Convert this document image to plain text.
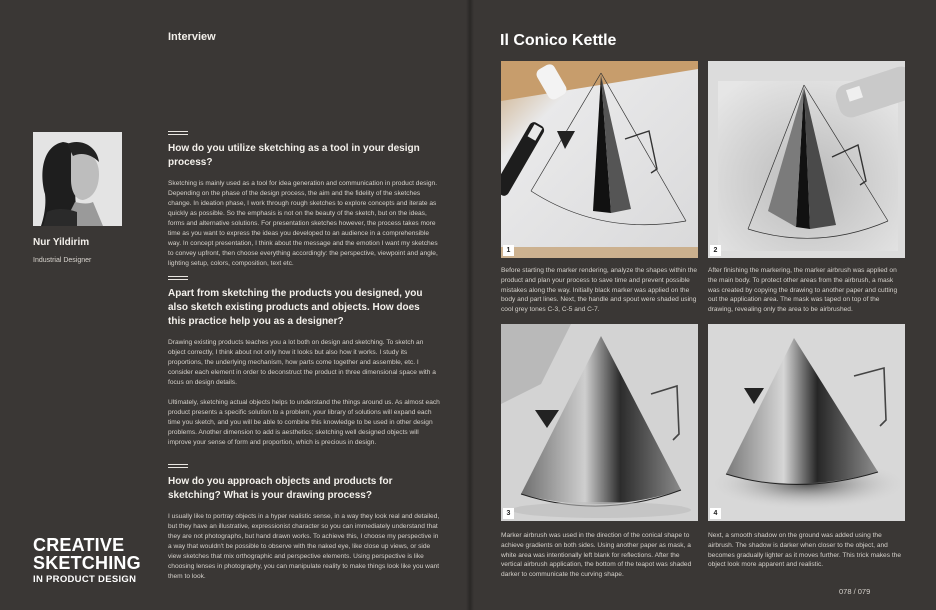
Interview
Nur Yildirim
Industrial Designer
CREATIVE
SKETCHING
IN PRODUCT DESIGN
How do you utilize sketching as a tool in your design process?

Sketching is mainly used as a tool for idea generation and communication in product design. Depending on the phase of the design process, the aim and the fidelity of the sketches change. In ideation phase, I work through rough sketches to explore concepts and iterate as quickly as possible. So the emphasis is not on the beauty of the sketch, but on the ideas, forms and alternative solutions. For presentation sketches however, the process takes more time as you want to express the ideas you developed to an audience in a comprehensible way. In concept presentation, I think about the message and the emotion I want my sketches to convey upfront, then choose everything accordingly: the perspective, viewpoint and angle, lighting setup, colors, composition, text etc.

Apart from sketching the products you designed, you also sketch existing products and objects. How does this practice help you as a designer?

Drawing existing products teaches you a lot both on design and sketching. To sketch an object correctly, I think about not only how it looks but also how it works. I study its proportions, the underlying mechanism, how parts come together and assemble, etc. I consider each element in order to deconstruct the product in three dimensional space with a focus on design details.

Ultimately, sketching actual objects helps to understand the things around us. As almost each product presents a specific solution to a problem, your library of solutions will expand each time you sketch, and you will be able to combine this knowledge to be used in other design problems. Another dimension to add is aesthetics; sketching well designed objects will improve your sense of form and proportion, which is precious in design.

How do you approach objects and products for sketching? What is your drawing process?

I usually like to portray objects in a hyper realistic sense, in a way they look real and detailed, but they have an illustrative, expressionist character so you can immediately understand that they are not photographs, but hand drawn works. To achieve this, I choose my perspective in a way that wouldn't be possible to observe with the naked eye, like close up views, or side view sketches that mix orthographic and perspective elements. Using perspective is like choosing lenses in photography, you can manipulate reality to make things look like you want them to look.

Il Conico Kettle
1	2
Before starting the marker rendering, analyze the shapes within the product and plan your process to save time and prevent possible mistakes along the way. Initially black marker was applied on the body and part lines. Next, the handle and spout were shaded using cool grey tones C-3, C-5 and C-7.
After finishing the markering, the marker airbrush was applied on the main body. To protect other areas from the airbrush, a mask was created by copying the drawing to another paper and cutting out the application area. The mask was taped on top of the drawing, revealing only the area to be airbrushed.
3	4
Marker airbrush was used in the direction of the conical shape to achieve gradients on both sides. Using another paper as mask, a white area was intentionally left blank for reflections. After the vertical airbrush application, the bottom of the teapot was shaded darker to communicate the curving shape.
Next, a smooth shadow on the ground was added using the airbrush. The shadow is darker when closer to the object, and becomes gradually lighter as it moves further. This trick makes the object look more apparent and realistic.
078 / 079
